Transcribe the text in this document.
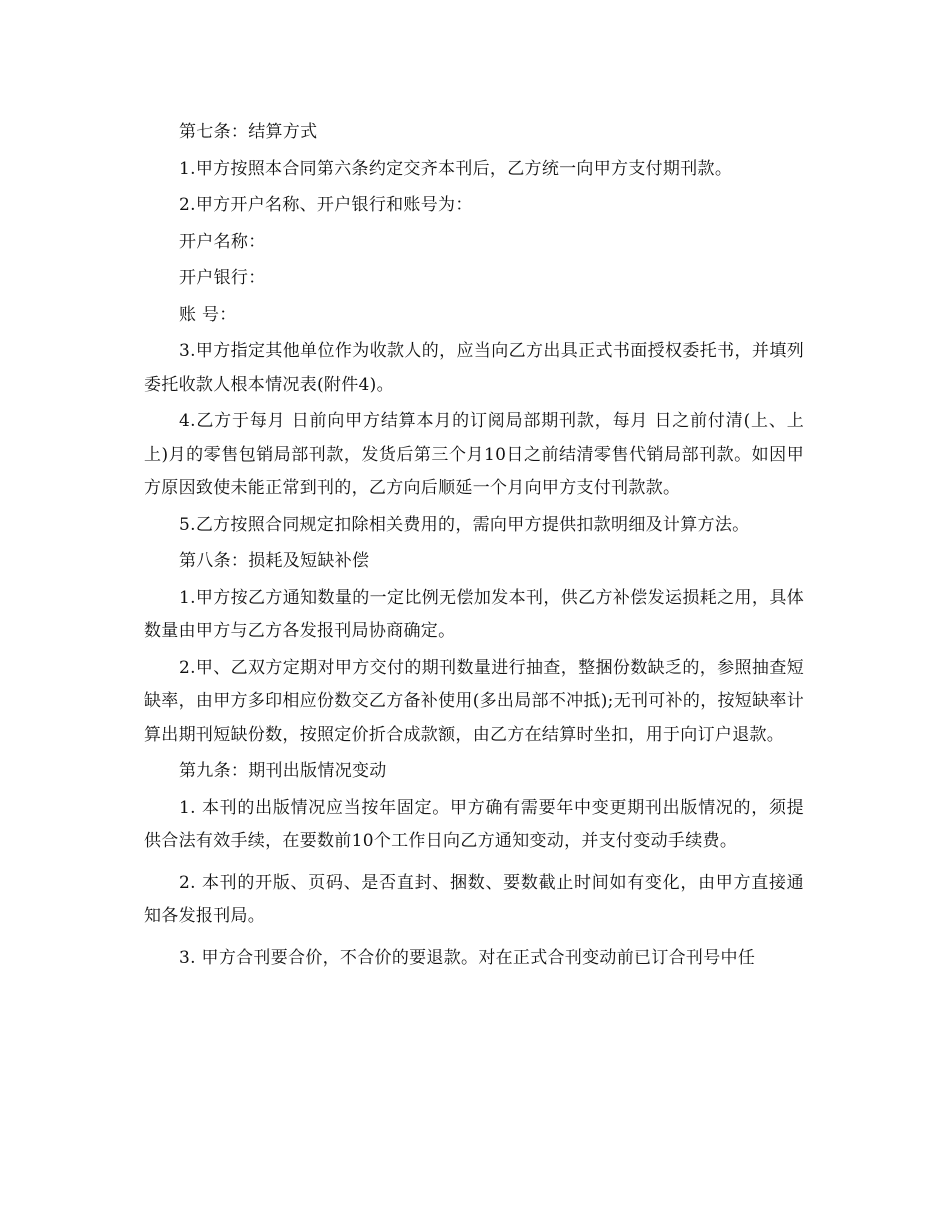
第七条：结算方式

1.甲方按照本合同第六条约定交齐本刊后，乙方统一向甲方支付期刊款。

2.甲方开户名称、开户银行和账号为：

开户名称：

开户银行：

账 号：

3.甲方指定其他单位作为收款人的，应当向乙方出具正式书面授权委托书，并填列委托收款人根本情况表(附件4)。

4.乙方于每月 日前向甲方结算本月的订阅局部期刊款，每月 日之前付清(上、上上)月的零售包销局部刊款，发货后第三个月10日之前结清零售代销局部刊款。如因甲方原因致使未能正常到刊的，乙方向后顺延一个月向甲方支付刊款款。

5.乙方按照合同规定扣除相关费用的，需向甲方提供扣款明细及计算方法。

第八条：损耗及短缺补偿

1.甲方按乙方通知数量的一定比例无偿加发本刊，供乙方补偿发运损耗之用，具体数量由甲方与乙方各发报刊局协商确定。

2.甲、乙双方定期对甲方交付的期刊数量进行抽查，整捆份数缺乏的，参照抽查短缺率，由甲方多印相应份数交乙方备补使用(多出局部不冲抵);无刊可补的，按短缺率计算出期刊短缺份数，按照定价折合成款额，由乙方在结算时坐扣，用于向订户退款。

第九条：期刊出版情况变动

1. 本刊的出版情况应当按年固定。甲方确有需要年中变更期刊出版情况的，须提供合法有效手续，在要数前10个工作日向乙方通知变动，并支付变动手续费。

2. 本刊的开版、页码、是否直封、捆数、要数截止时间如有变化，由甲方直接通知各发报刊局。

3. 甲方合刊要合价，不合价的要退款。对在正式合刊变动前已订合刊号中任
